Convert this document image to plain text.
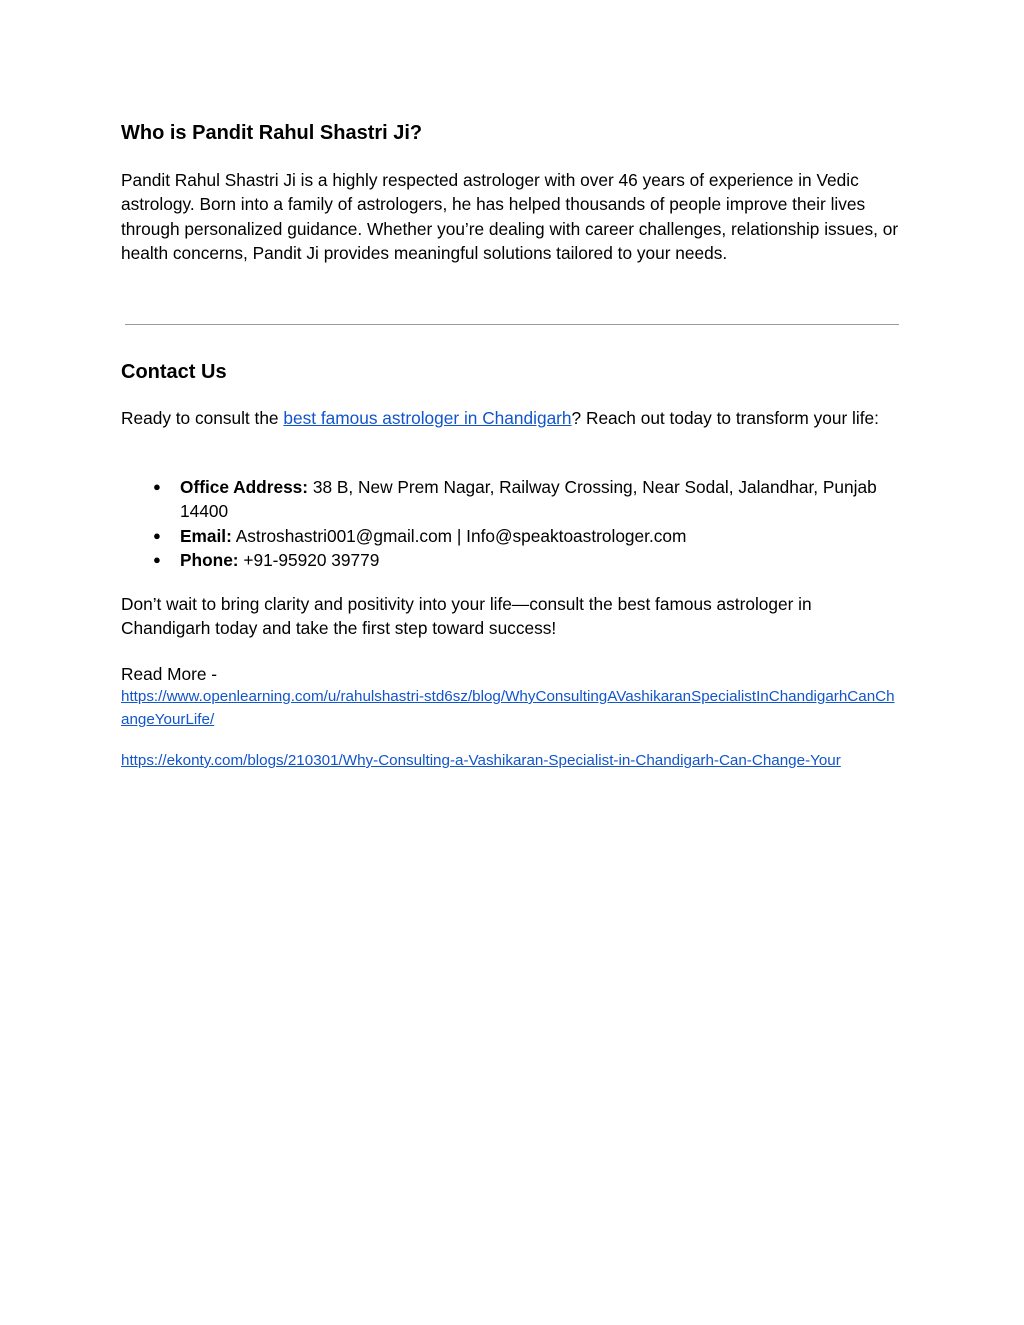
Who is Pandit Rahul Shastri Ji?

Pandit Rahul Shastri Ji is a highly respected astrologer with over 46 years of experience in Vedic astrology. Born into a family of astrologers, he has helped thousands of people improve their lives through personalized guidance. Whether you’re dealing with career challenges, relationship issues, or health concerns, Pandit Ji provides meaningful solutions tailored to your needs.

Contact Us

Ready to consult the best famous astrologer in Chandigarh? Reach out today to transform your life:

● Office Address: 38 B, New Prem Nagar, Railway Crossing, Near Sodal, Jalandhar, Punjab 14400
● Email: Astroshastri001@gmail.com | Info@speaktoastrologer.com
● Phone: +91-95920 39779

Don’t wait to bring clarity and positivity into your life—consult the best famous astrologer in Chandigarh today and take the first step toward success!

Read More -
https://www.openlearning.com/u/rahulshastri-std6sz/blog/WhyConsultingAVashikaranSpecialistInChandigarhCanChangeYourLife/
https://ekonty.com/blogs/210301/Why-Consulting-a-Vashikaran-Specialist-in-Chandigarh-Can-Change-Your
